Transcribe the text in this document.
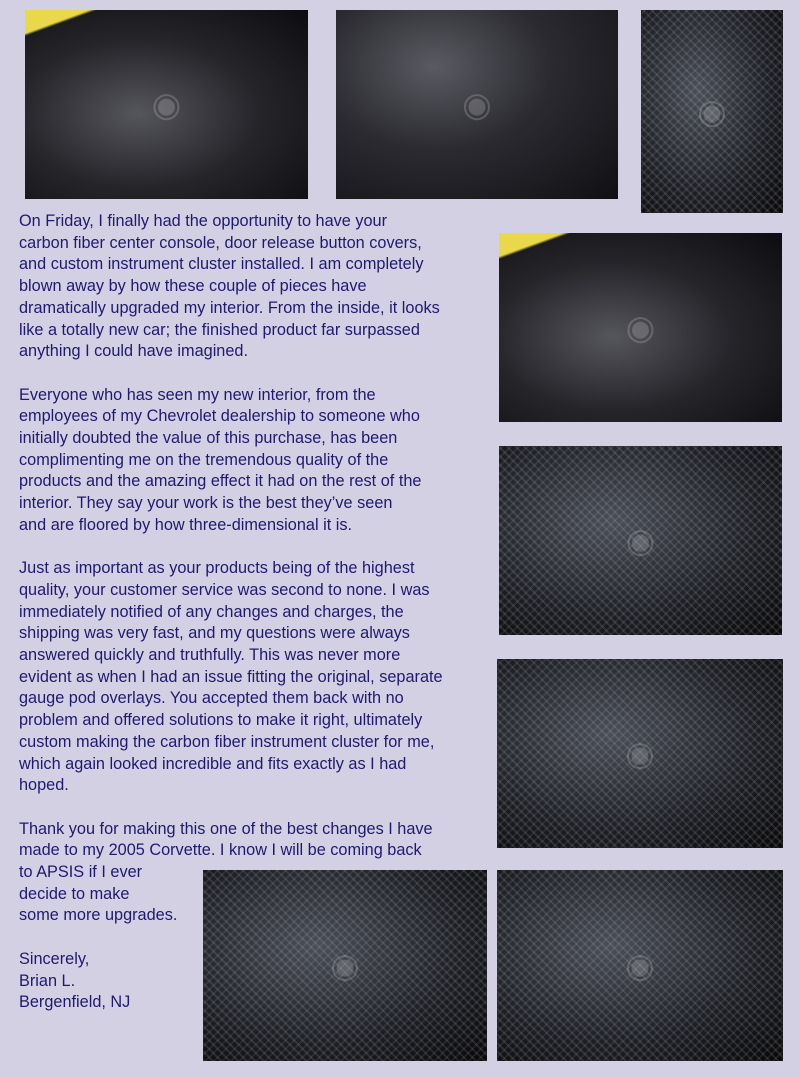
◉	◉	◉
◉
◉
◉
◉	◉

On Friday, I finally had the opportunity to have your
carbon fiber center console, door release button covers,
and custom instrument cluster installed. I am completely
blown away by how these couple of pieces have
dramatically upgraded my interior. From the inside, it looks
like a totally new car; the finished product far surpassed
anything I could have imagined.

Everyone who has seen my new interior, from the
employees of my Chevrolet dealership to someone who
initially doubted the value of this purchase, has been
complimenting me on the tremendous quality of the
products and the amazing effect it had on the rest of the
interior. They say your work is the best they’ve seen
and are floored by how three-dimensional it is.

Just as important as your products being of the highest
quality, your customer service was second to none. I was
immediately notified of any changes and charges, the
shipping was very fast, and my questions were always
answered quickly and truthfully. This was never more
evident as when I had an issue fitting the original, separate
gauge pod overlays. You accepted them back with no
problem and offered solutions to make it right, ultimately
custom making the carbon fiber instrument cluster for me,
which again looked incredible and fits exactly as I had
hoped.

Thank you for making this one of the best changes I have
made to my 2005 Corvette. I know I will be coming back
to APSIS if I ever
decide to make
some more upgrades.

Sincerely,
Brian L.
Bergenfield, NJ
